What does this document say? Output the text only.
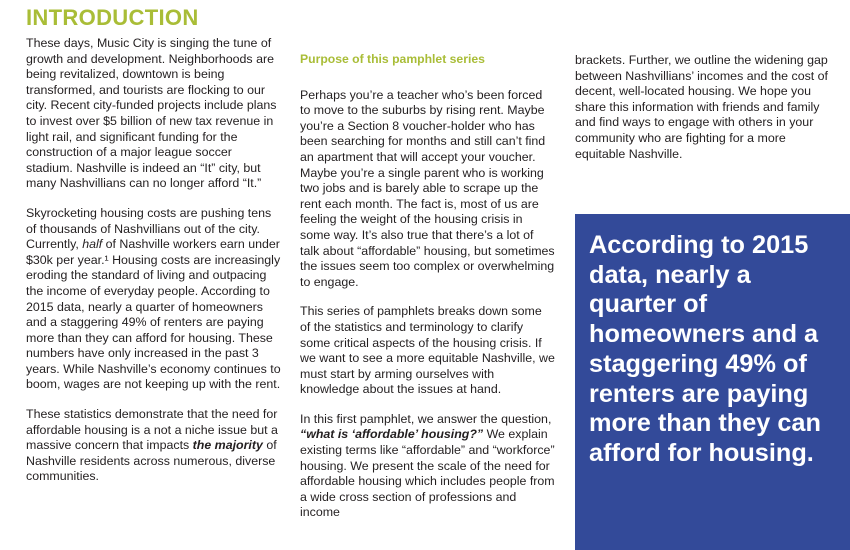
INTRODUCTION

These days, Music City is singing the tune of growth and development. Neighborhoods are being revitalized, downtown is being transformed, and tourists are flocking to our city. Recent city-funded projects include plans to invest over $5 billion of new tax revenue in light rail, and significant funding for the construction of a major league soccer stadium. Nashville is indeed an “It” city, but many Nashvillians can no longer afford “It.”

Skyrocketing housing costs are pushing tens of thousands of Nashvillians out of the city. Currently, half of Nashville workers earn under $30k per year.¹ Housing costs are increasingly eroding the standard of living and outpacing the income of everyday people. According to 2015 data, nearly a quarter of homeowners and a staggering 49% of renters are paying more than they can afford for housing. These numbers have only increased in the past 3 years. While Nashville’s economy continues to boom, wages are not keeping up with the rent.

These statistics demonstrate that the need for affordable housing is a not a niche issue but a massive concern that impacts the majority of Nashville residents across numerous, diverse communities.

Purpose of this pamphlet series

Perhaps you’re a teacher who’s been forced to move to the suburbs by rising rent. Maybe you’re a Section 8 voucher-holder who has been searching for months and still can’t find an apartment that will accept your voucher. Maybe you’re a single parent who is working two jobs and is barely able to scrape up the rent each month. The fact is, most of us are feeling the weight of the housing crisis in some way. It’s also true that there’s a lot of talk about “affordable” housing, but sometimes the issues seem too complex or overwhelming to engage.

This series of pamphlets breaks down some of the statistics and terminology to clarify some critical aspects of the housing crisis. If we want to see a more equitable Nashville, we must start by arming ourselves with knowledge about the issues at hand.

In this first pamphlet, we answer the question, “what is ‘affordable’ housing?” We explain existing terms like “affordable” and “workforce” housing. We present the scale of the need for affordable housing which includes people from a wide cross section of professions and income

brackets. Further, we outline the widening gap between Nashvillians’ incomes and the cost of decent, well-located housing. We hope you share this information with friends and family and find ways to engage with others in your community who are fighting for a more equitable Nashville.

According to 2015 data, nearly a quarter of homeowners and a staggering 49% of renters are paying more than they can afford for housing.
